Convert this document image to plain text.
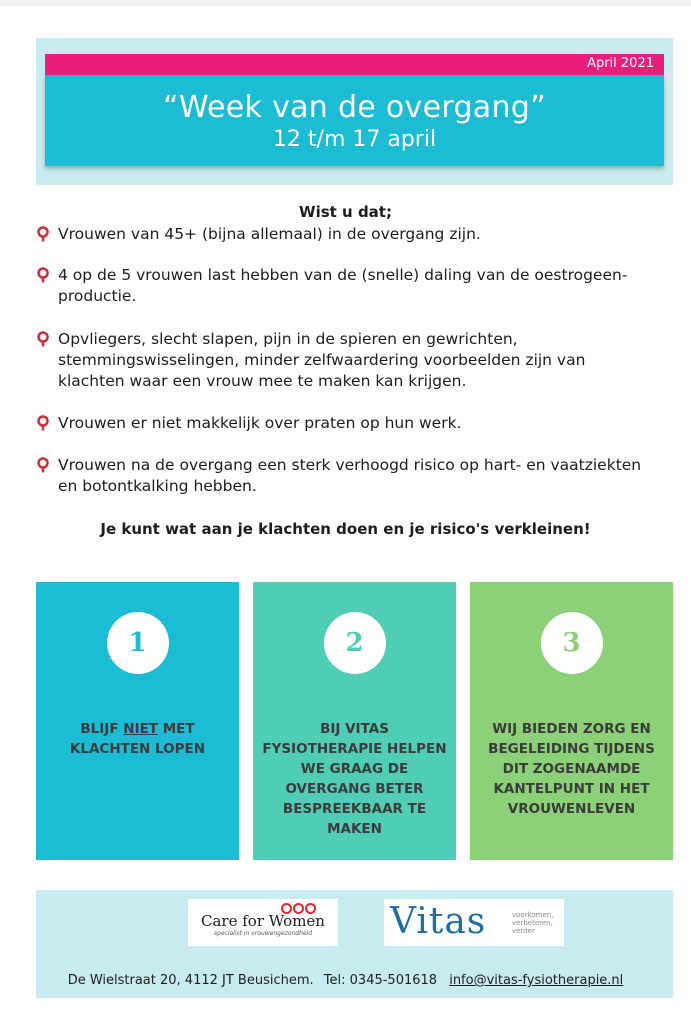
April 2021
“Week van de overgang”
12 t/m 17 april
Wist u dat;
Vrouwen van 45+ (bijna allemaal) in de overgang zijn.
4 op de 5 vrouwen last hebben van de (snelle) daling van de oestrogeen-productie.
Opvliegers, slecht slapen, pijn in de spieren en gewrichten, stemmingswisselingen, minder zelfwaardering voorbeelden zijn van klachten waar een vrouw mee te maken kan krijgen.
Vrouwen er niet makkelijk over praten op hun werk.
Vrouwen na de overgang een sterk verhoogd risico op hart- en vaatziekten en botontkalking hebben.
Je kunt wat aan je klachten doen en je risico's verkleinen!
1
BLIJF NIET MET KLACHTEN LOPEN
2
BIJ VITAS FYSIOTHERAPIE HELPEN WE GRAAG DE OVERGANG BETER BESPREEKBAAR TE MAKEN
3
WIJ BIEDEN ZORG EN BEGELEIDING TIJDENS DIT ZOGENAAMDE KANTELPUNT IN HET VROUWENLEVEN
Care for Women
specialist in vrouwengezondheid	Vitas	voorkomen, verbeteren, verder
De Wielstraat 20, 4112 JT Beusichem. Tel: 0345-501618 info@vitas-fysiotherapie.nl
